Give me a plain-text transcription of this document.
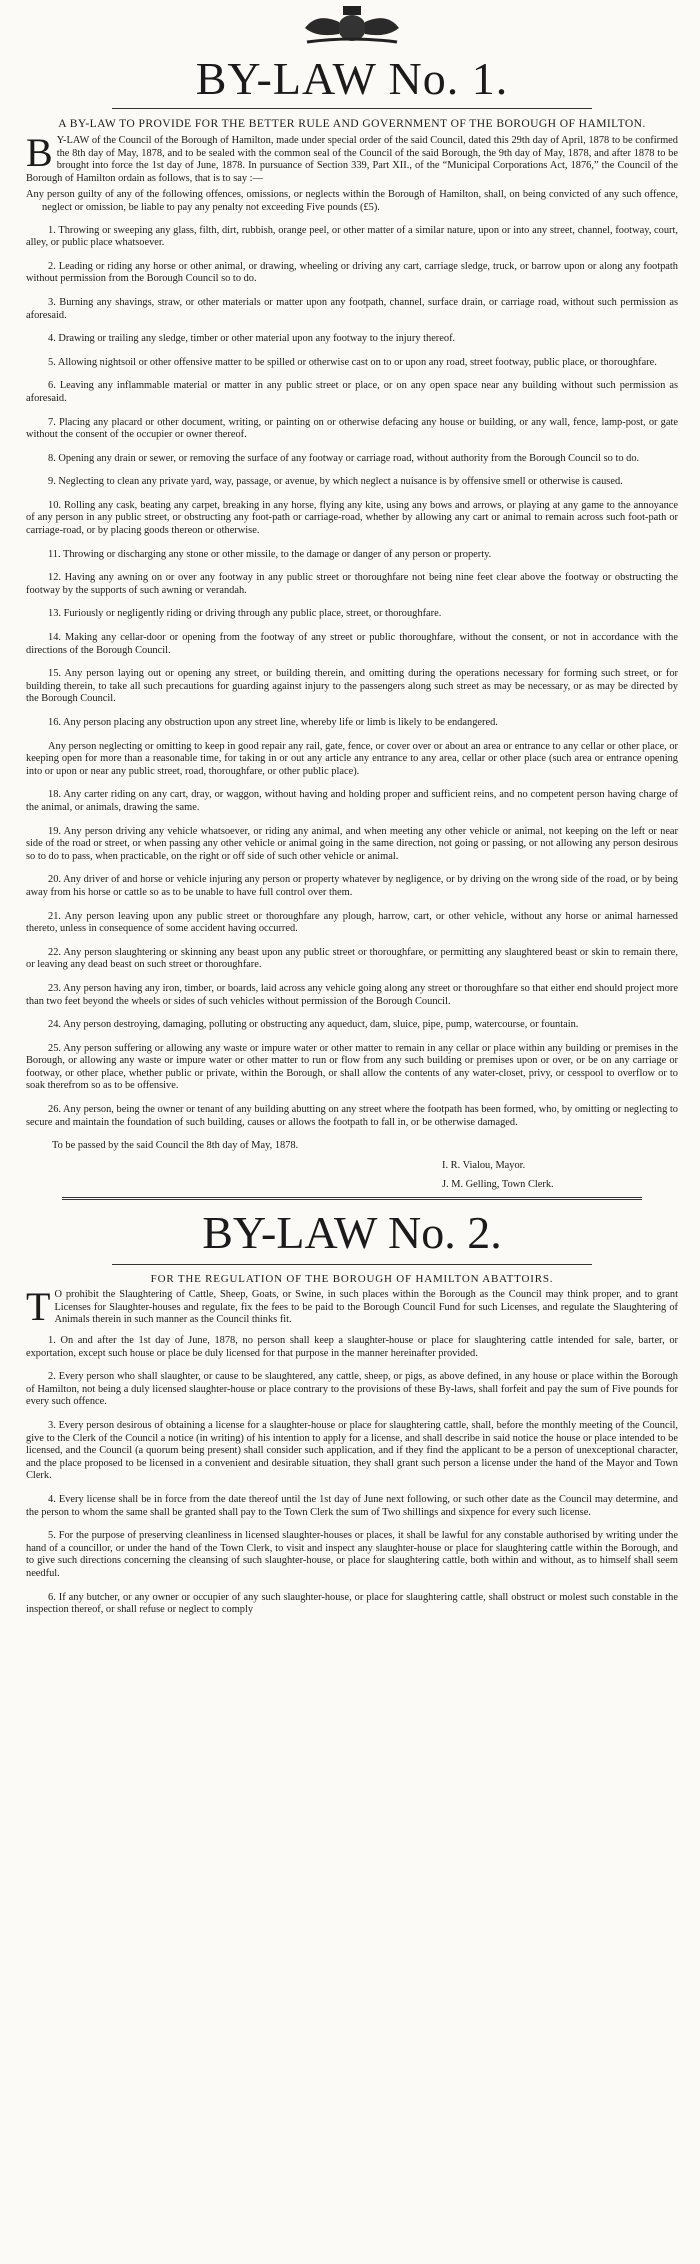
BY-LAW No. 1.
A BY-LAW TO PROVIDE FOR THE BETTER RULE AND GOVERNMENT OF THE BOROUGH OF HAMILTON.
B Y-LAW of the Council of the Borough of Hamilton, made under special order of the said Council, dated this 29th day of April, 1878 to be confirmed the 8th day of May, 1878, and to be sealed with the common seal of the Council of the said Borough, the 9th day of May, 1878, and after 1878 to be brought into force the 1st day of June, 1878. In pursuance of Section 339, Part XII., of the “Municipal Corporations Act, 1876,” the Council of the Borough of Hamilton ordain as follows, that is to say :—
Any person guilty of any of the following offences, omissions, or neglects within the Borough of Hamilton, shall, on being convicted of any such offence, neglect or omission, be liable to pay any penalty not exceeding Five pounds (£5).
1. Throwing or sweeping any glass, filth, dirt, rubbish, orange peel, or other matter of a similar nature, upon or into any street, channel, footway, court, alley, or public place whatsoever.
2. Leading or riding any horse or other animal, or drawing, wheeling or driving any cart, carriage sledge, truck, or barrow upon or along any footpath without permission from the Borough Council so to do.
3. Burning any shavings, straw, or other materials or matter upon any footpath, channel, surface drain, or carriage road, without such permission as aforesaid.
4. Drawing or trailing any sledge, timber or other material upon any footway to the injury thereof.
5. Allowing nightsoil or other offensive matter to be spilled or otherwise cast on to or upon any road, street footway, public place, or thoroughfare.
6. Leaving any inflammable material or matter in any public street or place, or on any open space near any building without such permission as aforesaid.
7. Placing any placard or other document, writing, or painting on or otherwise defacing any house or building, or any wall, fence, lamp-post, or gate without the consent of the occupier or owner thereof.
8. Opening any drain or sewer, or removing the surface of any footway or carriage road, without authority from the Borough Council so to do.
9. Neglecting to clean any private yard, way, passage, or avenue, by which neglect a nuisance is by offensive smell or otherwise is caused.
10. Rolling any cask, beating any carpet, breaking in any horse, flying any kite, using any bows and arrows, or playing at any game to the annoyance of any person in any public street, or obstructing any foot-path or carriage-road, whether by allowing any cart or animal to remain across such foot-path or carriage-road, or by placing goods thereon or otherwise.
11. Throwing or discharging any stone or other missile, to the damage or danger of any person or property.
12. Having any awning on or over any footway in any public street or thoroughfare not being nine feet clear above the footway or obstructing the footway by the supports of such awning or verandah.
13. Furiously or negligently riding or driving through any public place, street, or thoroughfare.
14. Making any cellar-door or opening from the footway of any street or public thoroughfare, without the consent, or not in accordance with the directions of the Borough Council.
15. Any person laying out or opening any street, or building therein, and omitting during the operations necessary for forming such street, or for building therein, to take all such precautions for guarding against injury to the passengers along such street as may be necessary, or as may be directed by the Borough Council.
16. Any person placing any obstruction upon any street line, whereby life or limb is likely to be endangered.
Any person neglecting or omitting to keep in good repair any rail, gate, fence, or cover over or about an area or entrance to any cellar or other place, or keeping open for more than a reasonable time, for taking in or out any article any entrance to any area, cellar or other place (such area or entrance opening into or upon or near any public street, road, thoroughfare, or other public place).
18. Any carter riding on any cart, dray, or waggon, without having and holding proper and sufficient reins, and no competent person having charge of the animal, or animals, drawing the same.
19. Any person driving any vehicle whatsoever, or riding any animal, and when meeting any other vehicle or animal, not keeping on the left or near side of the road or street, or when passing any other vehicle or animal going in the same direction, not going or passing, or not allowing any person desirous so to do to pass, when practicable, on the right or off side of such other vehicle or animal.
20. Any driver of and horse or vehicle injuring any person or property whatever by negligence, or by driving on the wrong side of the road, or by being away from his horse or cattle so as to be unable to have full control over them.
21. Any person leaving upon any public street or thoroughfare any plough, harrow, cart, or other vehicle, without any horse or animal harnessed thereto, unless in consequence of some accident having occurred.
22. Any person slaughtering or skinning any beast upon any public street or thoroughfare, or permitting any slaughtered beast or skin to remain there, or leaving any dead beast on such street or thoroughfare.
23. Any person having any iron, timber, or boards, laid across any vehicle going along any street or thoroughfare so that either end should project more than two feet beyond the wheels or sides of such vehicles without permission of the Borough Council.
24. Any person destroying, damaging, polluting or obstructing any aqueduct, dam, sluice, pipe, pump, watercourse, or fountain.
25. Any person suffering or allowing any waste or impure water or other matter to remain in any cellar or place within any building or premises in the Borough, or allowing any waste or impure water or other matter to run or flow from any such building or premises upon or over, or be on any carriage or footway, or other place, whether public or private, within the Borough, or shall allow the contents of any water-closet, privy, or cesspool to overflow or to soak therefrom so as to be offensive.
26. Any person, being the owner or tenant of any building abutting on any street where the footpath has been formed, who, by omitting or neglecting to secure and maintain the foundation of such building, causes or allows the footpath to fall in, or be otherwise damaged.
To be passed by the said Council the 8th day of May, 1878.
I. R. Vialou, Mayor.
J. M. Gelling, Town Clerk.
BY-LAW No. 2.
FOR THE REGULATION OF THE BOROUGH OF HAMILTON ABATTOIRS.
T O prohibit the Slaughtering of Cattle, Sheep, Goats, or Swine, in such places within the Borough as the Council may think proper, and to grant Licenses for Slaughter-houses and regulate, fix the fees to be paid to the Borough Council Fund for such Licenses, and regulate the Slaughtering of Animals therein in such manner as the Council thinks fit.
1. On and after the 1st day of June, 1878, no person shall keep a slaughter-house or place for slaughtering cattle intended for sale, barter, or exportation, except such house or place be duly licensed for that purpose in the manner hereinafter provided.
2. Every person who shall slaughter, or cause to be slaughtered, any cattle, sheep, or pigs, as above defined, in any house or place within the Borough of Hamilton, not being a duly licensed slaughter-house or place contrary to the provisions of these By-laws, shall forfeit and pay the sum of Five pounds for every such offence.
3. Every person desirous of obtaining a license for a slaughter-house or place for slaughtering cattle, shall, before the monthly meeting of the Council, give to the Clerk of the Council a notice (in writing) of his intention to apply for a license, and shall describe in said notice the house or place intended to be licensed, and the Council (a quorum being present) shall consider such application, and if they find the applicant to be a person of unexceptional character, and the place proposed to be licensed in a convenient and desirable situation, they shall grant such person a license under the hand of the Mayor and Town Clerk.
4. Every license shall be in force from the date thereof until the 1st day of June next following, or such other date as the Council may determine, and the person to whom the same shall be granted shall pay to the Town Clerk the sum of Two shillings and sixpence for every such license.
5. For the purpose of preserving cleanliness in licensed slaughter-houses or places, it shall be lawful for any constable authorised by writing under the hand of a councillor, or under the hand of the Town Clerk, to visit and inspect any slaughter-house or place for slaughtering cattle within the Borough, and to give such directions concerning the cleansing of such slaughter-house, or place for slaughtering cattle, both within and without, as to himself shall seem needful.
6. If any butcher, or any owner or occupier of any such slaughter-house, or place for slaughtering cattle, shall obstruct or molest such constable in the inspection thereof, or shall refuse or neglect to comply
